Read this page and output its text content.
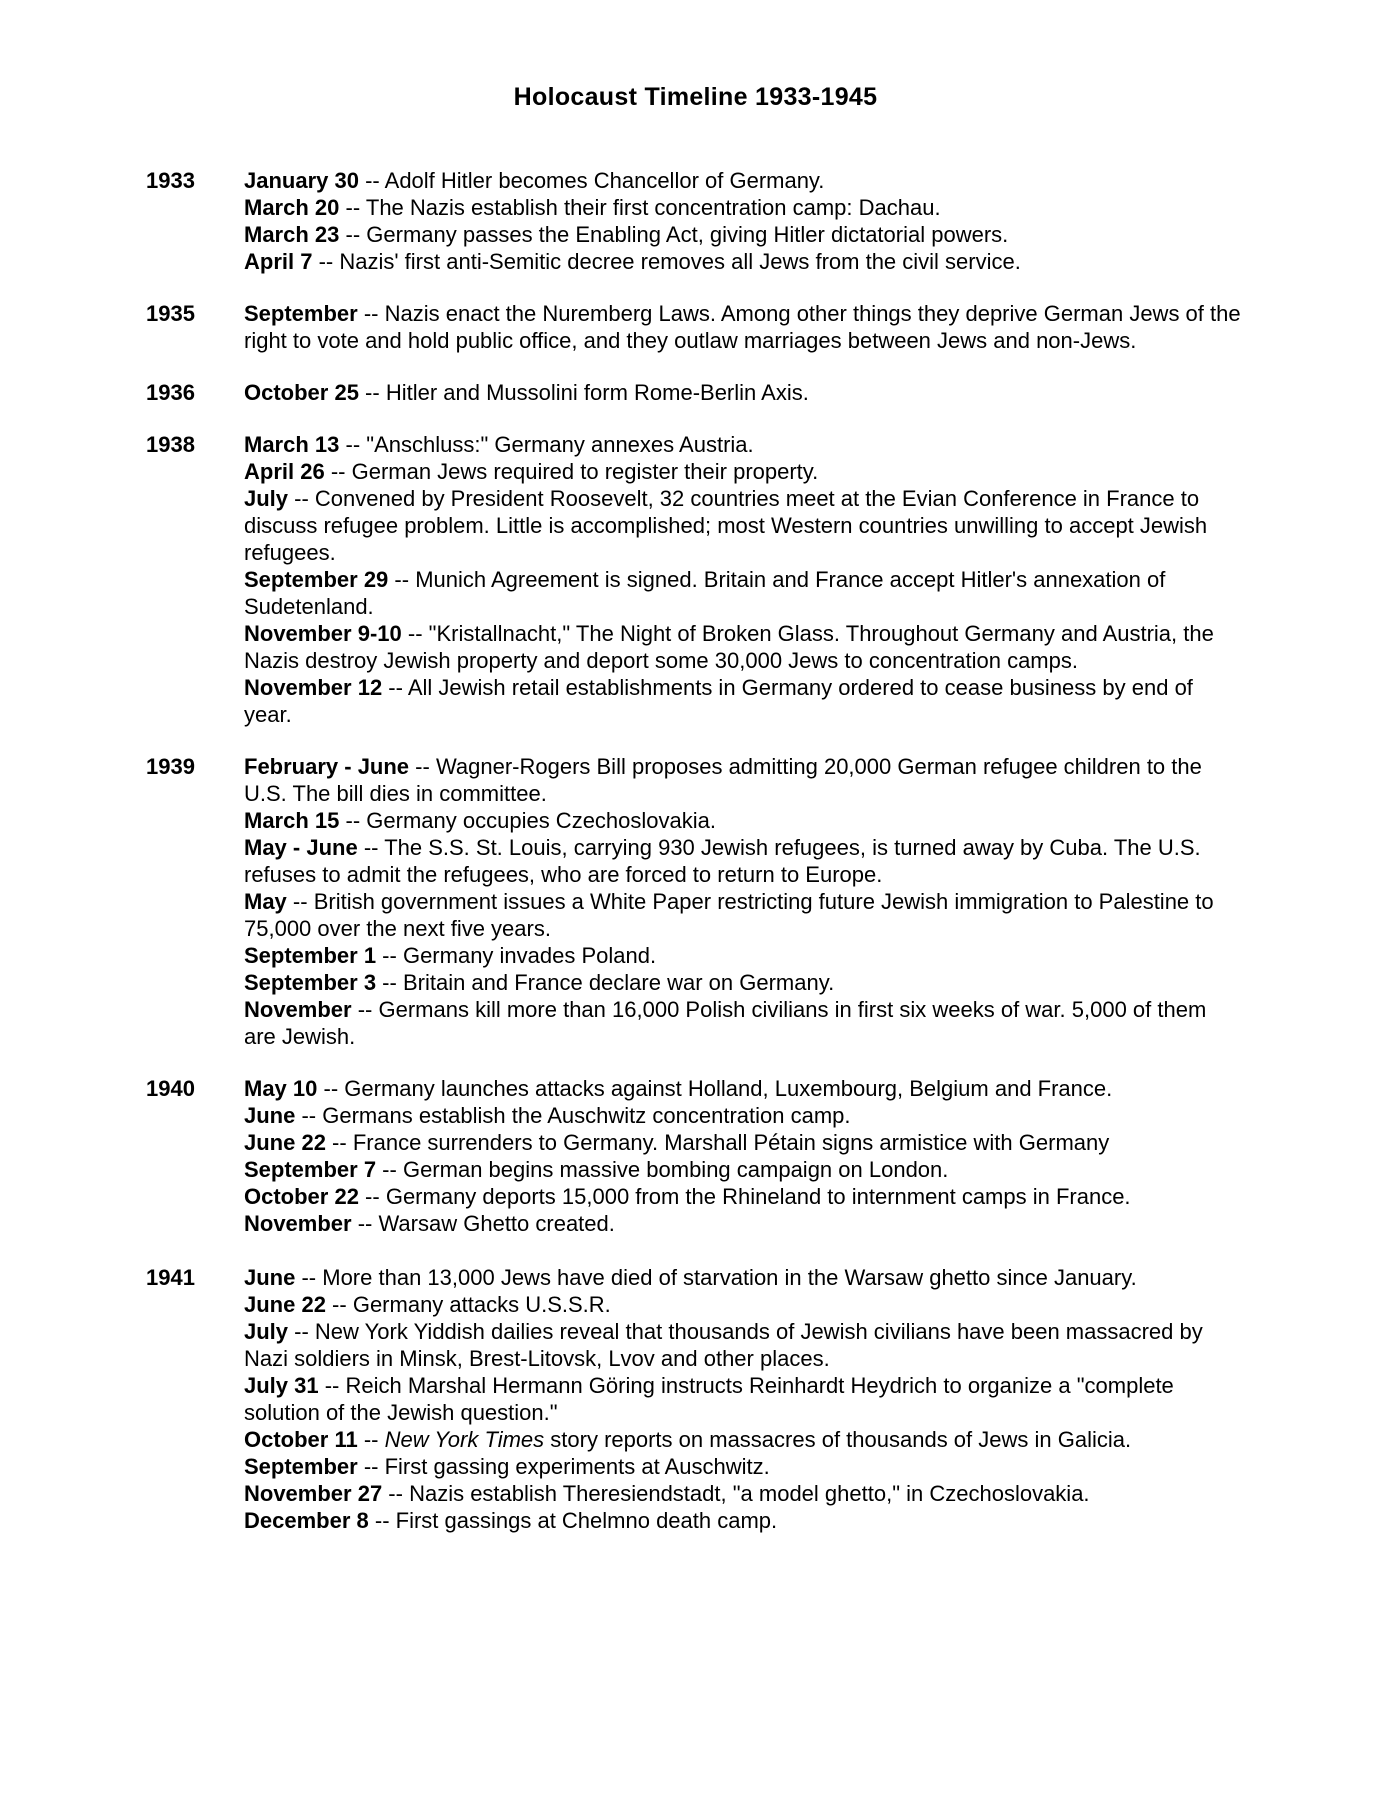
Holocaust Timeline 1933-1945
1933 January 30 -- Adolf Hitler becomes Chancellor of Germany.

March 20 -- The Nazis establish their first concentration camp: Dachau.

March 23 -- Germany passes the Enabling Act, giving Hitler dictatorial powers.

April 7 -- Nazis' first anti-Semitic decree removes all Jews from the civil service.

1935 September -- Nazis enact the Nuremberg Laws. Among other things they deprive German Jews of the right to vote and hold public office, and they outlaw marriages between Jews and non-Jews.

1936 October 25 -- Hitler and Mussolini form Rome-Berlin Axis.

1938 March 13 -- "Anschluss:" Germany annexes Austria.

April 26 -- German Jews required to register their property.

July -- Convened by President Roosevelt, 32 countries meet at the Evian Conference in France to discuss refugee problem. Little is accomplished; most Western countries unwilling to accept Jewish refugees.

September 29 -- Munich Agreement is signed. Britain and France accept Hitler's annexation of Sudetenland.

November 9-10 -- "Kristallnacht," The Night of Broken Glass. Throughout Germany and Austria, the Nazis destroy Jewish property and deport some 30,000 Jews to concentration camps.

November 12 -- All Jewish retail establishments in Germany ordered to cease business by end of year.

1939 February - June -- Wagner-Rogers Bill proposes admitting 20,000 German refugee children to the U.S. The bill dies in committee.

March 15 -- Germany occupies Czechoslovakia.

May - June -- The S.S. St. Louis, carrying 930 Jewish refugees, is turned away by Cuba. The U.S. refuses to admit the refugees, who are forced to return to Europe.

May -- British government issues a White Paper restricting future Jewish immigration to Palestine to 75,000 over the next five years.

September 1 -- Germany invades Poland.

September 3 -- Britain and France declare war on Germany.

November -- Germans kill more than 16,000 Polish civilians in first six weeks of war. 5,000 of them are Jewish.

1940 May 10 -- Germany launches attacks against Holland, Luxembourg, Belgium and France.

June -- Germans establish the Auschwitz concentration camp.

June 22 -- France surrenders to Germany. Marshall Pétain signs armistice with Germany

September 7 -- German begins massive bombing campaign on London.

October 22 -- Germany deports 15,000 from the Rhineland to internment camps in France.

November -- Warsaw Ghetto created.

1941 June -- More than 13,000 Jews have died of starvation in the Warsaw ghetto since January.

June 22 -- Germany attacks U.S.S.R.

July -- New York Yiddish dailies reveal that thousands of Jewish civilians have been massacred by Nazi soldiers in Minsk, Brest-Litovsk, Lvov and other places.

July 31 -- Reich Marshal Hermann Göring instructs Reinhardt Heydrich to organize a "complete solution of the Jewish question."

October 11 -- New York Times story reports on massacres of thousands of Jews in Galicia.

September -- First gassing experiments at Auschwitz.

November 27 -- Nazis establish Theresiendstadt, "a model ghetto," in Czechoslovakia.

December 8 -- First gassings at Chelmno death camp.
